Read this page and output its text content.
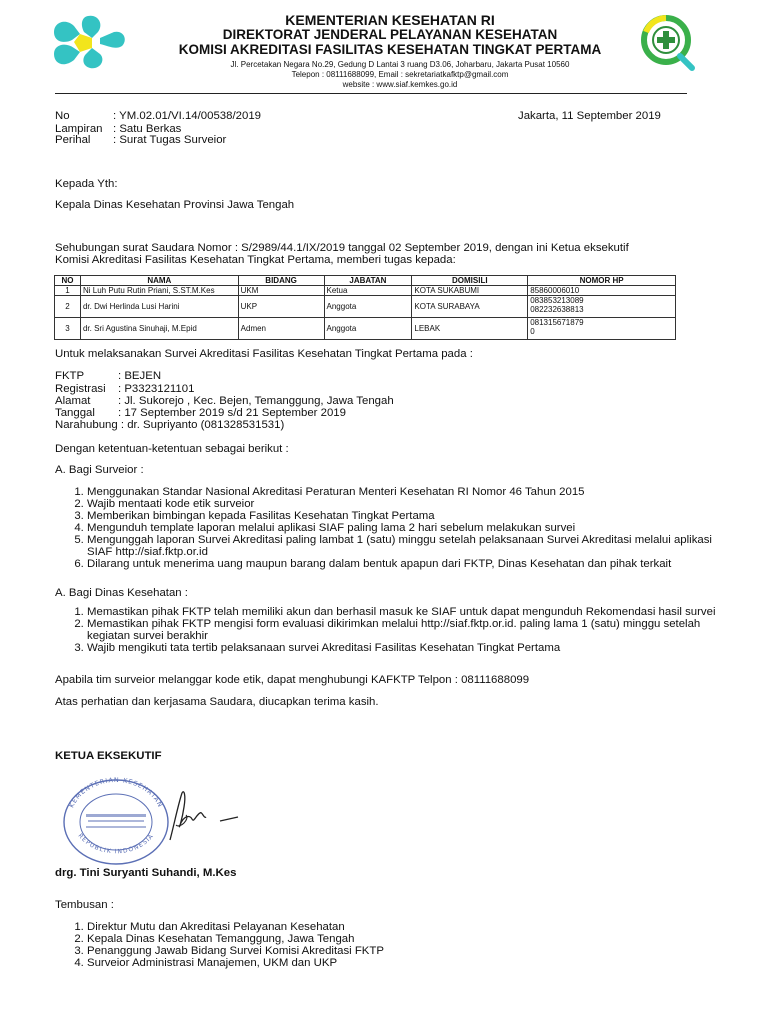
KEMENTERIAN KESEHATAN RI
DIREKTORAT JENDERAL PELAYANAN KESEHATAN
KOMISI AKREDITASI FASILITAS KESEHATAN TINGKAT PERTAMA
Jl. Percetakan Negara No.29, Gedung D Lantai 3 ruang D3.06, Joharbaru, Jakarta Pusat 10560
Telepon : 08111688099, Email : sekretariatkafktp@gmail.com
website : www.siaf.kemkes.go.id
No	: YM.02.01/VI.14/00538/2019
Lampiran : Satu Berkas
Perihal : Surat Tugas Surveior
Jakarta, 11 September 2019
Kepada Yth:
Kepala Dinas Kesehatan Provinsi Jawa Tengah
Sehubungan surat Saudara Nomor : S/2989/44.1/IX/2019 tanggal 02 September 2019, dengan ini Ketua eksekutif
Komisi Akreditasi Fasilitas Kesehatan Tingkat Pertama, memberi tugas kepada:
NO	NAMA	BIDANG	JABATAN	DOMISILI	NOMOR HP
1	Ni Luh Putu Rutin Priani, S.ST.M.Kes	UKM	Ketua	KOTA SUKABUMI	85860006010

2	dr. Dwi Herlinda Lusi Harini	UKP	Anggota	KOTA SURABAYA	083853213089
082232638813

3	dr. Sri Agustina Sinuhaji, M.Epid	Admen	Anggota	LEBAK	081315671879
0
Untuk melaksanakan Survei Akreditasi Fasilitas Kesehatan Tingkat Pertama pada :
FKTP	: BEJEN
Registrasi : P3323121101
Alamat : Jl. Sukorejo , Kec. Bejen, Temanggung, Jawa Tengah
Tanggal : 17 September 2019 s/d 21 September 2019
Narahubung : dr. Supriyanto (081328531531)
Dengan ketentuan-ketentuan sebagai berikut :
A. Bagi Surveior :
1. Menggunakan Standar Nasional Akreditasi Peraturan Menteri Kesehatan RI Nomor 46 Tahun 2015
2. Wajib mentaati kode etik surveior
3. Memberikan bimbingan kepada Fasilitas Kesehatan Tingkat Pertama
4. Mengunduh template laporan melalui aplikasi SIAF paling lama 2 hari sebelum melakukan survei
5. Mengunggah laporan Survei Akreditasi paling lambat 1 (satu) minggu setelah pelaksanaan Survei Akreditasi melalui aplikasi SIAF http://siaf.fktp.or.id
6. Dilarang untuk menerima uang maupun barang dalam bentuk apapun dari FKTP, Dinas Kesehatan dan pihak terkait
A. Bagi Dinas Kesehatan :
1. Memastikan pihak FKTP telah memiliki akun dan berhasil masuk ke SIAF untuk dapat mengunduh Rekomendasi hasil survei
2. Memastikan pihak FKTP mengisi form evaluasi dikirimkan melalui http://siaf.fktp.or.id. paling lama 1 (satu) minggu setelah kegiatan survei berakhir
3. Wajib mengikuti tata tertib pelaksanaan survei Akreditasi Fasilitas Kesehatan Tingkat Pertama
Apabila tim surveior melanggar kode etik, dapat menghubungi KAFKTP Telpon : 08111688099
Atas perhatian dan kerjasama Saudara, diucapkan terima kasih.
KETUA EKSEKUTIF
KEMENTERIAN KESEHATAN
REPUBLIK INDONESIA
drg. Tini Suryanti Suhandi, M.Kes
Tembusan :
1. Direktur Mutu dan Akreditasi Pelayanan Kesehatan
2. Kepala Dinas Kesehatan Temanggung, Jawa Tengah
3. Penanggung Jawab Bidang Survei Komisi Akreditasi FKTP
4. Surveior Administrasi Manajemen, UKM dan UKP
